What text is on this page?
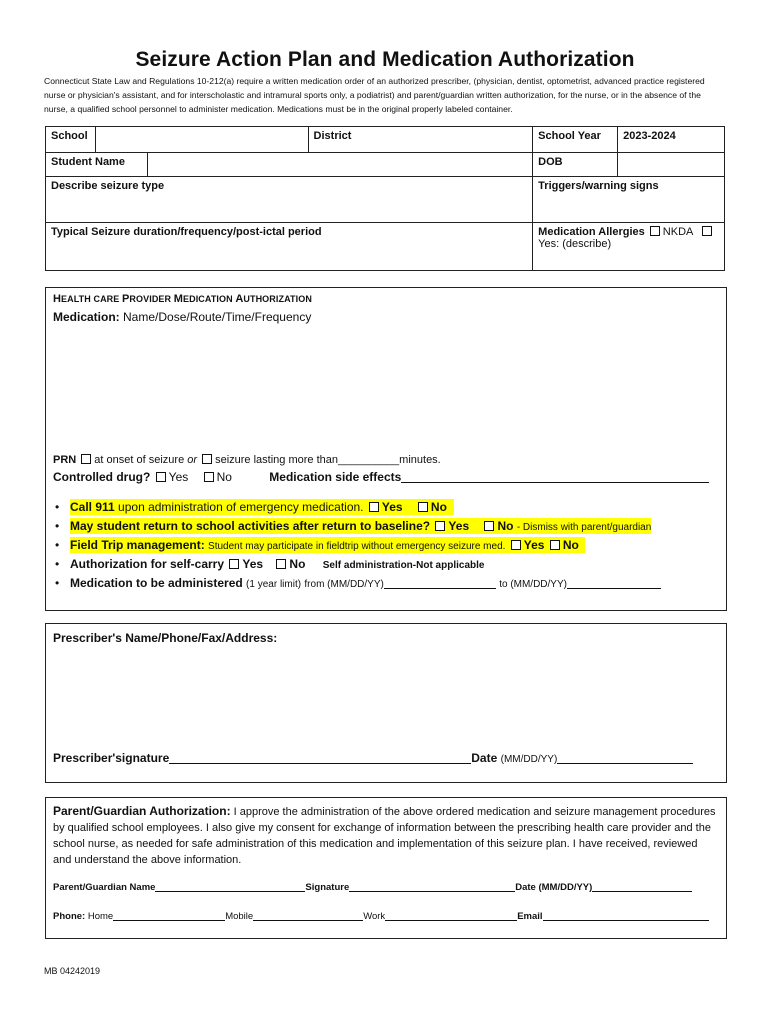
Seizure Action Plan and Medication Authorization
Connecticut State Law and Regulations 10-212(a) require a written medication order of an authorized prescriber, (physician, dentist, optometrist, advanced practice registered nurse or physician's assistant, and for interscholastic and intramural sports only, a podiatrist) and parent/guardian written authorization, for the nurse, or in the absence of the nurse, a qualified school personnel to administer medication. Medications must be in the original properly labeled container.
School			District	School Year	2023-2024
Student Name				DOB	
Describe seizure type				Triggers/warning signs	
Typical Seizure duration/frequency/post-ictal period				Medication Allergies NKDA Yes: (describe)	
HEALTH CARE PROVIDER MEDICATION AUTHORIZATION
Medication: Name/Dose/Route/Time/Frequency
PRN at onset of seizure or seizure lasting more than__________minutes.
Controlled drug? Yes No	Medication side effects
• Call 911 upon administration of emergency medication. Yes No
• May student return to school activities after return to baseline? Yes No - Dismiss with parent/guardian
• Field Trip management: Student may participate in fieldtrip without emergency seizure med. Yes No
• Authorization for self-carry Yes No Self administration-Not applicable
• Medication to be administered (1 year limit) from (MM/DD/YY)	to (MM/DD/YY)
Prescriber's Name/Phone/Fax/Address:
Prescriber'signature	Date (MM/DD/YY)
Parent/Guardian Authorization: I approve the administration of the above ordered medication and seizure management procedures by qualified school employees. I also give my consent for exchange of information between the prescribing health care provider and the school nurse, as needed for safe administration of this medication and implementation of this seizure plan. I have received, reviewed and understand the above information.
Parent/Guardian Name	Signature	Date (MM/DD/YY)
Phone: Home	Mobile	Work	Email
MB 04242019
